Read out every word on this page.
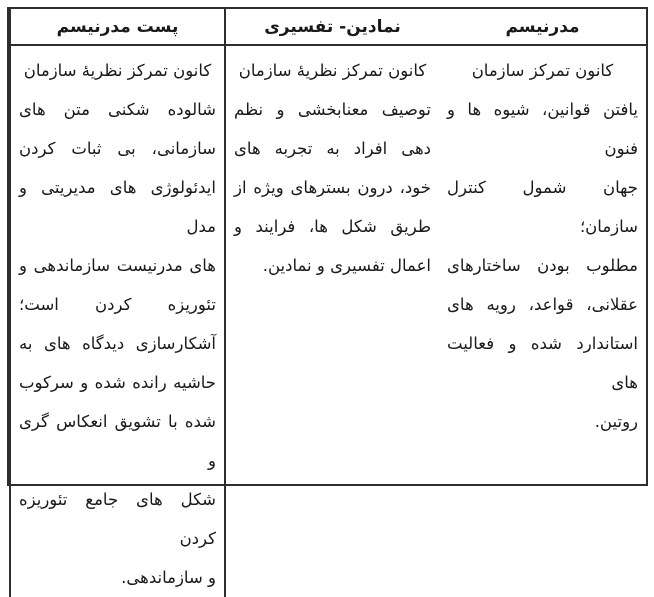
مدرنیسم
نمادین- تفسیری
پست مدرنیسم
کانون تمرکز سازمان
یافتن قوانین، شیوه ها و فنون
جهان شمول کنترل سازمان؛
مطلوب بودن ساختارهای
عقلانی، قواعد، رویه های
استاندارد شده و فعالیت های
روتین.
کانون تمرکز نظریهٔ سازمان
توصیف معنابخشی و نظم
دهی افراد به تجربه های
خود، درون بسترهای ویژه از
طریق شکل ها، فرایند و
اعمال تفسیری و نمادین.
کانون تمرکز نظریهٔ سازمان
شالوده شکنی متن های
سازمانی، بی ثبات کردن
ایدئولوژی های مدیریتی و مدل
های مدرنیست سازماندهی و
تئوریزه کردن است؛
آشکارسازی دیدگاه های به
حاشیه رانده شده و سرکوب
شده با تشویق انعکاس گری و
شکل های جامع تئوریزه کردن
و سازماندهی.
